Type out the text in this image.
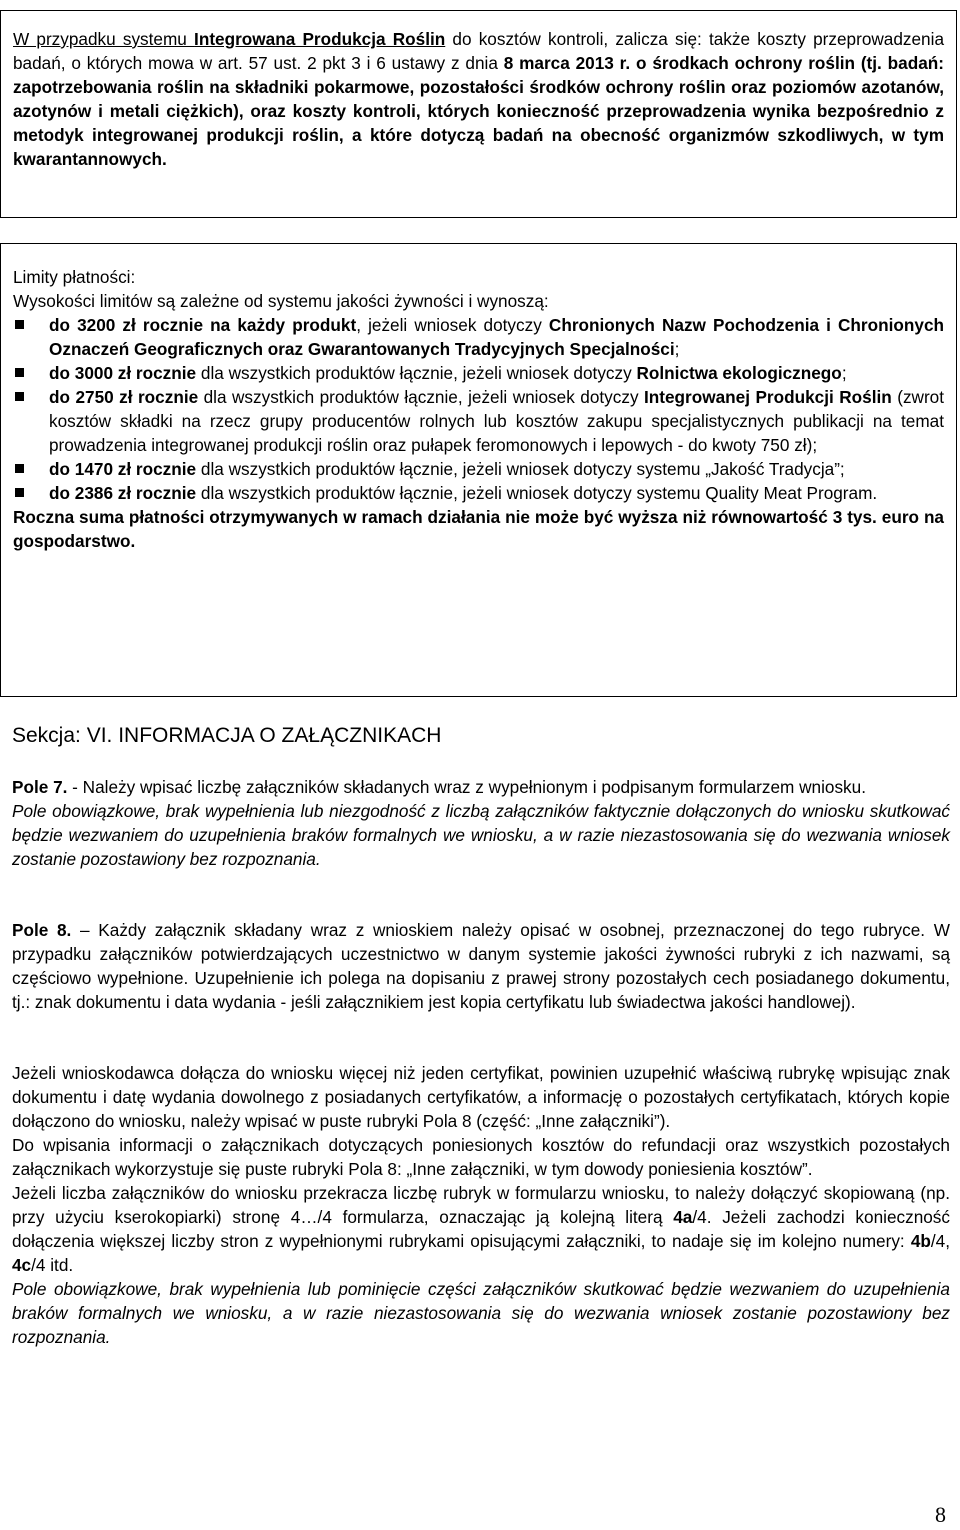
W przypadku systemu Integrowana Produkcja Roślin do kosztów kontroli, zalicza się: także koszty przeprowadzenia badań, o których mowa w art. 57 ust. 2 pkt 3 i 6 ustawy z dnia 8 marca 2013 r. o środkach ochrony roślin (tj. badań: zapotrzebowania roślin na składniki pokarmowe, pozostałości środków ochrony roślin oraz poziomów azotanów, azotynów i metali ciężkich), oraz koszty kontroli, których konieczność przeprowadzenia wynika bezpośrednio z metodyk integrowanej produkcji roślin, a które dotyczą badań na obecność organizmów szkodliwych, w tym kwarantannowych.

Limity płatności:

Wysokości limitów są zależne od systemu jakości żywności i wynoszą:

do 3200 zł rocznie na każdy produkt, jeżeli wniosek dotyczy Chronionych Nazw Pochodzenia i Chronionych Oznaczeń Geograficznych oraz Gwarantowanych Tradycyjnych Specjalności;
do 3000 zł rocznie dla wszystkich produktów łącznie, jeżeli wniosek dotyczy Rolnictwa ekologicznego;
do 2750 zł rocznie dla wszystkich produktów łącznie, jeżeli wniosek dotyczy Integrowanej Produkcji Roślin (zwrot kosztów składki na rzecz grupy producentów rolnych lub kosztów zakupu specjalistycznych publikacji na temat prowadzenia integrowanej produkcji roślin oraz pułapek feromonowych i lepowych - do kwoty 750 zł);
do 1470 zł rocznie dla wszystkich produktów łącznie, jeżeli wniosek dotyczy systemu „Jakość Tradycja”;
do 2386 zł rocznie dla wszystkich produktów łącznie, jeżeli wniosek dotyczy systemu Quality Meat Program.

Roczna suma płatności otrzymywanych w ramach działania nie może być wyższa niż równowartość 3 tys. euro na gospodarstwo.

Sekcja: VI. INFORMACJA O ZAŁĄCZNIKACH

Pole 7. - Należy wpisać liczbę załączników składanych wraz z wypełnionym i podpisanym formularzem wniosku.

Pole obowiązkowe, brak wypełnienia lub niezgodność z liczbą załączników faktycznie dołączonych do wniosku skutkować będzie wezwaniem do uzupełnienia braków formalnych we wniosku, a w razie niezastosowania się do wezwania wniosek zostanie pozostawiony bez rozpoznania.

Pole 8. – Każdy załącznik składany wraz z wnioskiem należy opisać w osobnej, przeznaczonej do tego rubryce. W przypadku załączników potwierdzających uczestnictwo w danym systemie jakości żywności rubryki z ich nazwami, są częściowo wypełnione. Uzupełnienie ich polega na dopisaniu z prawej strony pozostałych cech posiadanego dokumentu, tj.: znak dokumentu i data wydania - jeśli załącznikiem jest kopia certyfikatu lub świadectwa jakości handlowej).

Jeżeli wnioskodawca dołącza do wniosku więcej niż jeden certyfikat, powinien uzupełnić właściwą rubrykę wpisując znak dokumentu i datę wydania dowolnego z posiadanych certyfikatów, a informację o pozostałych certyfikatach, których kopie dołączono do wniosku, należy wpisać w puste rubryki Pola 8 (część: „Inne załączniki”).

Do wpisania informacji o załącznikach dotyczących poniesionych kosztów do refundacji oraz wszystkich pozostałych załącznikach wykorzystuje się puste rubryki Pola 8: „Inne załączniki, w tym dowody poniesienia kosztów”.

Jeżeli liczba załączników do wniosku przekracza liczbę rubryk w formularzu wniosku, to należy dołączyć skopiowaną (np. przy użyciu kserokopiarki) stronę 4…/4 formularza, oznaczając ją kolejną literą 4a/4. Jeżeli zachodzi konieczność dołączenia większej liczby stron z wypełnionymi rubrykami opisującymi załączniki, to nadaje się im kolejno numery: 4b/4, 4c/4 itd.

Pole obowiązkowe, brak wypełnienia lub pominięcie części załączników skutkować będzie wezwaniem do uzupełnienia braków formalnych we wniosku, a w razie niezastosowania się do wezwania wniosek zostanie pozostawiony bez rozpoznania.

8
